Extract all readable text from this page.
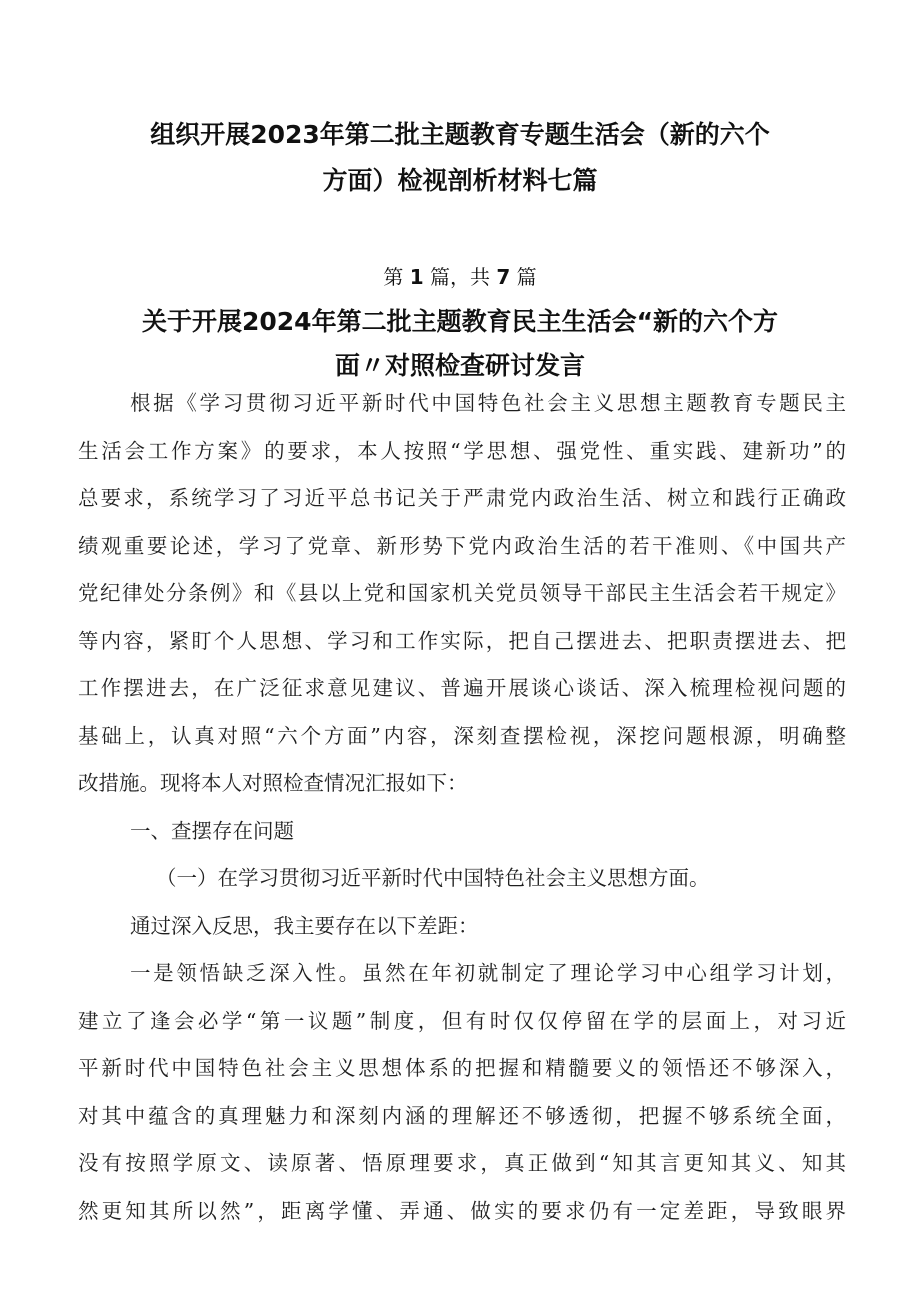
组织开展2023年第二批主题教育专题生活会（新的六个
方面）检视剖析材料七篇
第 1 篇，共 7 篇
关于开展2024年第二批主题教育民主生活会“新的六个方
面〃对照检查研讨发言
根据《学习贯彻习近平新时代中国特色社会主义思想主题教育专题民主
生活会工作方案》的要求，本人按照“学思想、强党性、重实践、建新功”的
总要求，系统学习了习近平总书记关于严肃党内政治生活、树立和践行正确政
绩观重要论述，学习了党章、新形势下党内政治生活的若干准则、《中国共产
党纪律处分条例》和《县以上党和国家机关党员领导干部民主生活会若干规定》
等内容，紧盯个人思想、学习和工作实际，把自己摆进去、把职责摆进去、把
工作摆进去，在广泛征求意见建议、普遍开展谈心谈话、深入梳理检视问题的
基础上，认真对照“六个方面”内容，深刻查摆检视，深挖问题根源，明确整
改措施。现将本人对照检查情况汇报如下：
一、查摆存在问题
（一）在学习贯彻习近平新时代中国特色社会主义思想方面。
通过深入反思，我主要存在以下差距：
一是领悟缺乏深入性。虽然在年初就制定了理论学习中心组学习计划，
建立了逢会必学“第一议题”制度，但有时仅仅停留在学的层面上，对习近
平新时代中国特色社会主义思想体系的把握和精髓要义的领悟还不够深入，
对其中蕴含的真理魅力和深刻内涵的理解还不够透彻，把握不够系统全面，
没有按照学原文、读原著、悟原理要求，真正做到“知其言更知其义、知其
然更知其所以然”，距离学懂、弄通、做实的要求仍有一定差距，导致眼界
